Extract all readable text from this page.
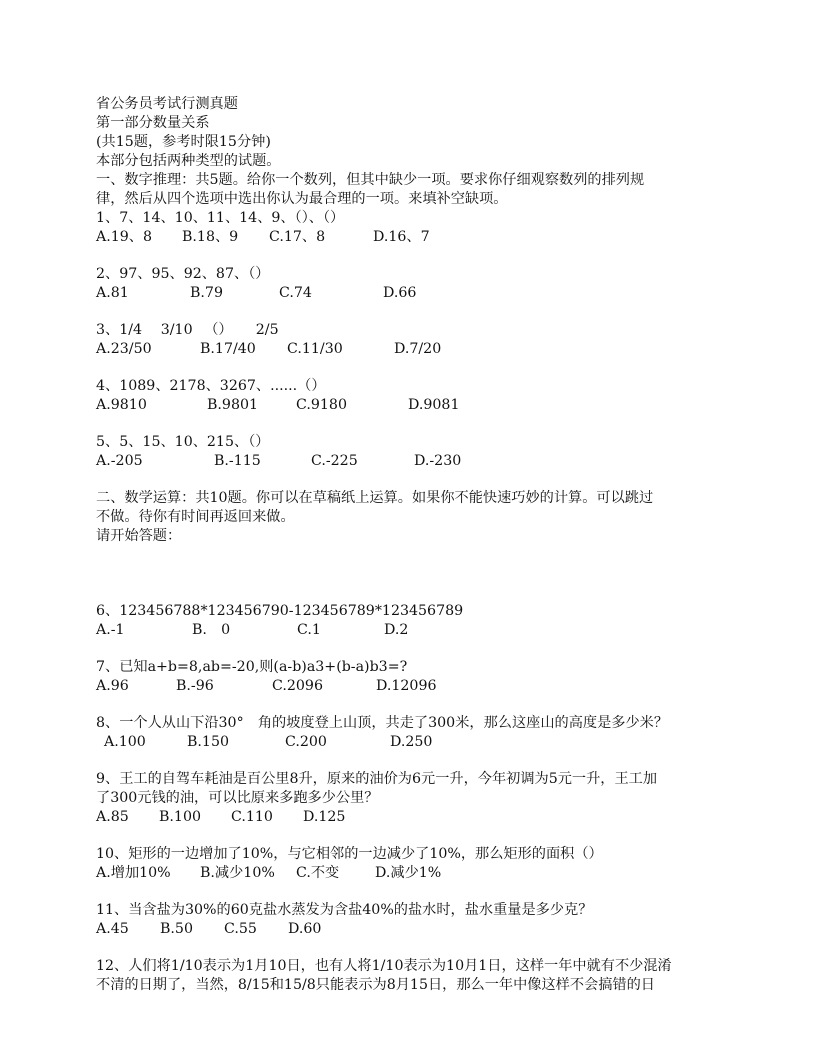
省公务员考试行测真题
第一部分数量关系
(共15题，参考时限15分钟)
本部分包括两种类型的试题。
一、数字推理：共5题。给你一个数列，但其中缺少一项。要求你仔细观察数列的排列规
律，然后从四个选项中选出你认为最合理的一项。来填补空缺项。
1、7、14、10、11、14、9、（）、（）
A.19、8	B.18、9	C.17、8	D.16、7
2、97、95、92、87、（）
A.81	B.79	C.74	D.66
3、1/4　 3/10 　（） 　 2/5
A.23/50	B.17/40	C.11/30	D.7/20
4、1089、2178、3267、......（）
A.9810	B.9801	C.9180	D.9081
5、5、15、10、215、（）
A.-205	B.-115	C.-225	D.-230
二、数学运算：共10题。你可以在草稿纸上运算。如果你不能快速巧妙的计算。可以跳过
不做。待你有时间再返回来做。
请开始答题：
6、123456788*123456790-123456789*123456789
A.-1	B.　0	C.1	D.2
7、已知a+b=8,ab=-20,则(a-b)a3+(b-a)b3=?
A.96	B.-96	C.2096	D.12096
8、一个人从山下沿30°　角的坡度登上山顶，共走了300米，那么这座山的高度是多少米？
A.100	B.150	C.200	D.250
9、王工的自驾车耗油是百公里8升，原来的油价为6元一升，今年初调为5元一升，王工加
了300元钱的油，可以比原来多跑多少公里？
A.85	B.100	C.110	D.125
10、矩形的一边增加了10%，与它相邻的一边减少了10%，那么矩形的面积（）
A.增加10%	B.减少10%	C.不变	D.减少1%
11、当含盐为30%的60克盐水蒸发为含盐40%的盐水时，盐水重量是多少克？
A.45	B.50	C.55	D.60
12、人们将1/10表示为1月10日，也有人将1/10表示为10月1日，这样一年中就有不少混淆
不清的日期了，当然，8/15和15/8只能表示为8月15日，那么一年中像这样不会搞错的日
